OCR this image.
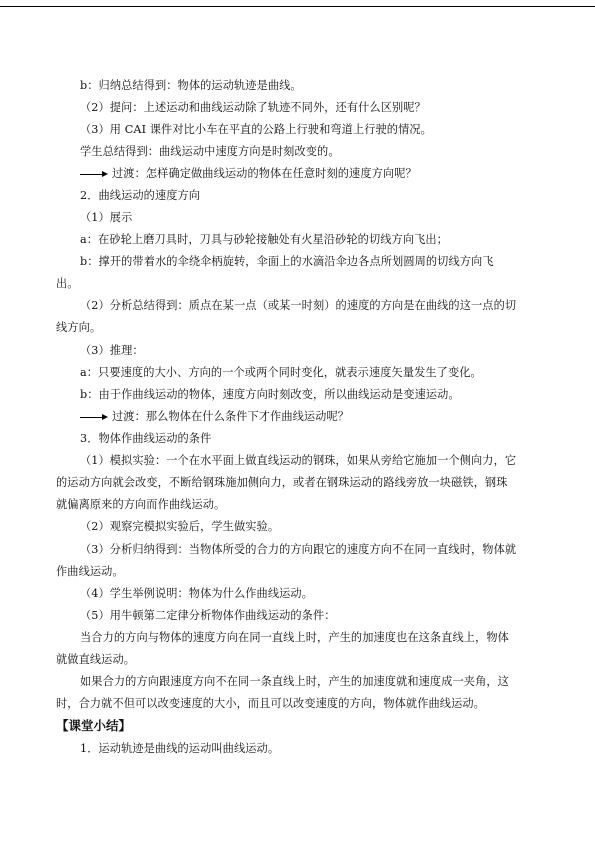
b：归纳总结得到：物体的运动轨迹是曲线。
（2）提问：上述运动和曲线运动除了轨迹不同外，还有什么区别呢？
（3）用 CAI 课件对比小车在平直的公路上行驶和弯道上行驶的情况。
学生总结得到：曲线运动中速度方向是时刻改变的。
过渡：怎样确定做曲线运动的物体在任意时刻的速度方向呢？
2．曲线运动的速度方向
（1）展示
a：在砂轮上磨刀具时，刀具与砂轮接触处有火星沿砂轮的切线方向飞出；
b：撑开的带着水的伞绕伞柄旋转，伞面上的水滴沿伞边各点所划圆周的切线方向飞
出。
（2）分析总结得到：质点在某一点（或某一时刻）的速度的方向是在曲线的这一点的切
线方向。
（3）推理：
a：只要速度的大小、方向的一个或两个同时变化，就表示速度矢量发生了变化。
b：由于作曲线运动的物体，速度方向时刻改变，所以曲线运动是变速运动。
过渡：那么物体在什么条件下才作曲线运动呢？
3．物体作曲线运动的条件
（1）模拟实验：一个在水平面上做直线运动的钢珠，如果从旁给它施加一个侧向力，它
的运动方向就会改变，不断给钢珠施加侧向力，或者在钢珠运动的路线旁放一块磁铁，钢珠
就偏离原来的方向而作曲线运动。
（2）观察完模拟实验后，学生做实验。
（3）分析归纳得到：当物体所受的合力的方向跟它的速度方向不在同一直线时，物体就
作曲线运动。
（4）学生举例说明：物体为什么作曲线运动。
（5）用牛顿第二定律分析物体作曲线运动的条件：
当合力的方向与物体的速度方向在同一直线上时，产生的加速度也在这条直线上，物体
就做直线运动。
如果合力的方向跟速度方向不在同一条直线上时，产生的加速度就和速度成一夹角，这
时，合力就不但可以改变速度的大小，而且可以改变速度的方向，物体就作曲线运动。
【课堂小结】
1．运动轨迹是曲线的运动叫曲线运动。
